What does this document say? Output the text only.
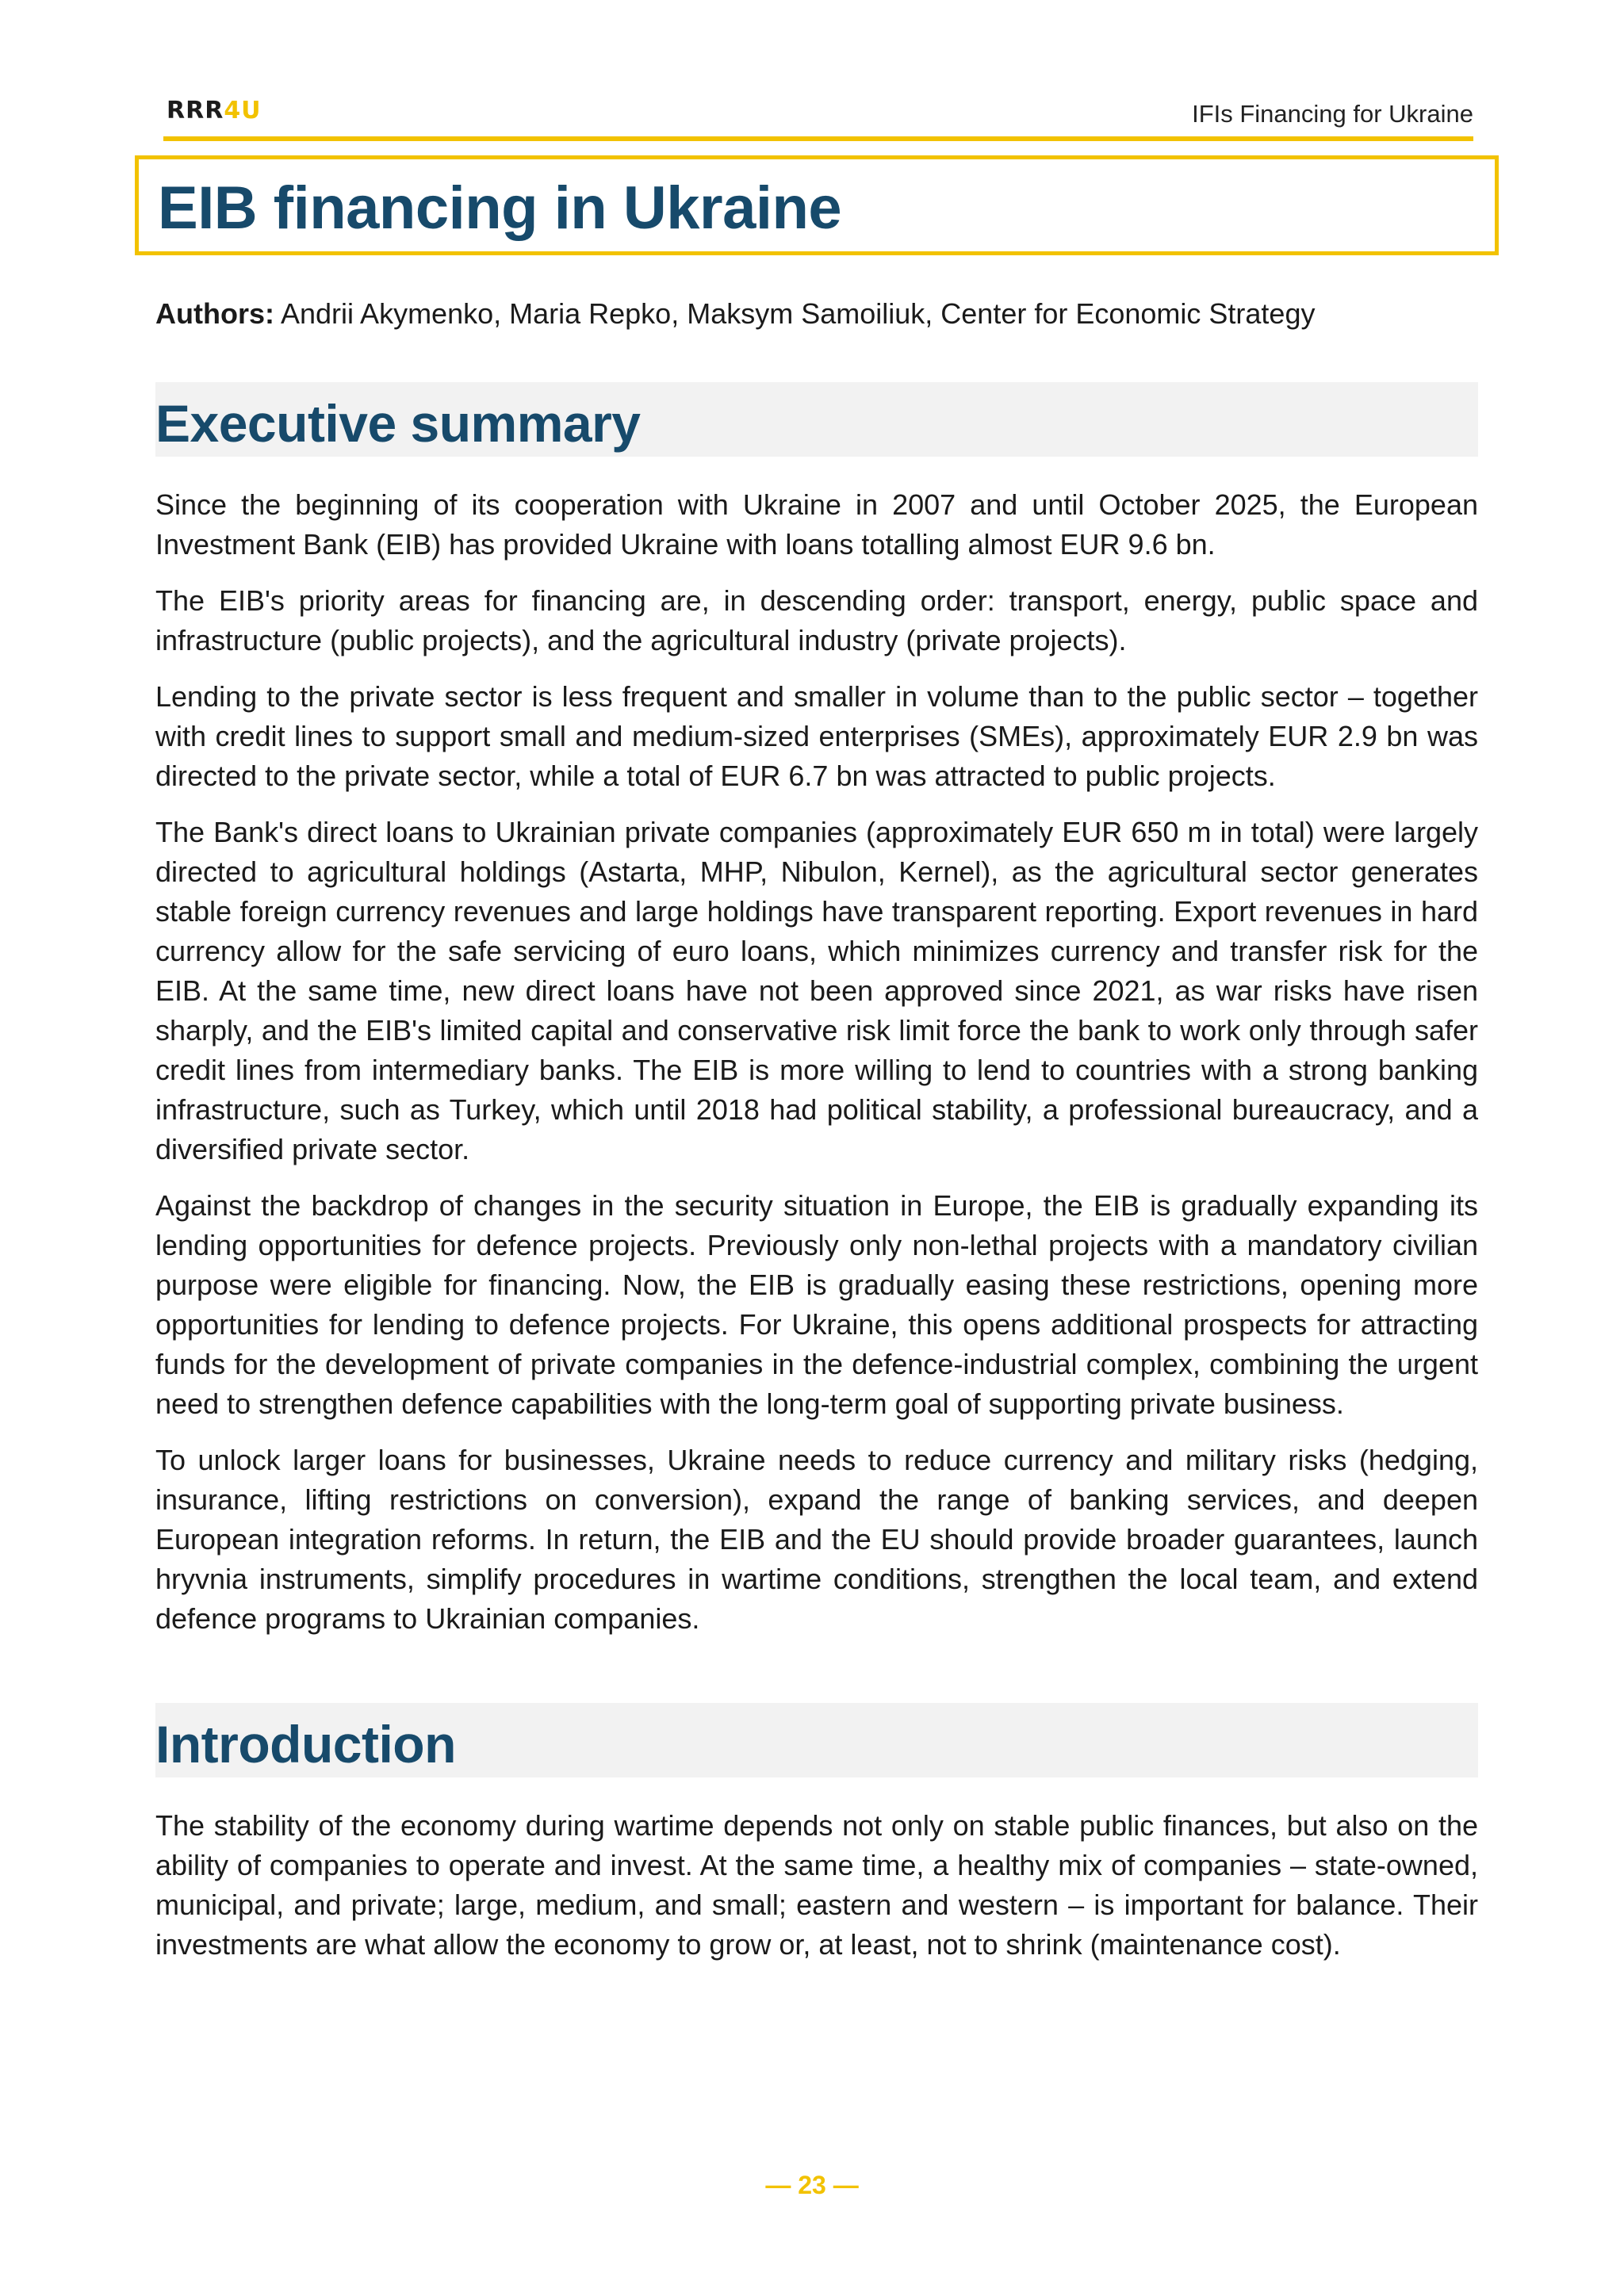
RRR4U	IFIs Financing for Ukraine
EIB financing in Ukraine

Authors: Andrii Akymenko, Maria Repko, Maksym Samoiliuk, Center for Economic Strategy

Executive summary

Since the beginning of its cooperation with Ukraine in 2007 and until October 2025, the European Investment Bank (EIB) has provided Ukraine with loans totalling almost EUR 9.6 bn.

The EIB's priority areas for financing are, in descending order: transport, energy, public space and infrastructure (public projects), and the agricultural industry (private projects).

Lending to the private sector is less frequent and smaller in volume than to the public sector – together with credit lines to support small and medium-sized enterprises (SMEs), approximately EUR 2.9 bn was directed to the private sector, while a total of EUR 6.7 bn was attracted to public projects.

The Bank's direct loans to Ukrainian private companies (approximately EUR 650 m in total) were largely directed to agricultural holdings (Astarta, MHP, Nibulon, Kernel), as the agricultural sector generates stable foreign currency revenues and large holdings have transparent reporting. Export revenues in hard currency allow for the safe servicing of euro loans, which minimizes currency and transfer risk for the EIB. At the same time, new direct loans have not been approved since 2021, as war risks have risen sharply, and the EIB's limited capital and conservative risk limit force the bank to work only through safer credit lines from intermediary banks. The EIB is more willing to lend to countries with a strong banking infrastructure, such as Turkey, which until 2018 had political stability, a professional bureaucracy, and a diversified private sector.

Against the backdrop of changes in the security situation in Europe, the EIB is gradually expanding its lending opportunities for defence projects. Previously only non-lethal projects with a mandatory civilian purpose were eligible for financing. Now, the EIB is gradually easing these restrictions, opening more opportunities for lending to defence projects. For Ukraine, this opens additional prospects for attracting funds for the development of private companies in the defence-industrial complex, combining the urgent need to strengthen defence capabilities with the long-term goal of supporting private business.

To unlock larger loans for businesses, Ukraine needs to reduce currency and military risks (hedging, insurance, lifting restrictions on conversion), expand the range of banking services, and deepen European integration reforms. In return, the EIB and the EU should provide broader guarantees, launch hryvnia instruments, simplify procedures in wartime conditions, strengthen the local team, and extend defence programs to Ukrainian companies.

Introduction

The stability of the economy during wartime depends not only on stable public finances, but also on the ability of companies to operate and invest. At the same time, a healthy mix of companies – state-owned, municipal, and private; large, medium, and small; eastern and western – is important for balance. Their investments are what allow the economy to grow or, at least, not to shrink (maintenance cost).

— 23 —
